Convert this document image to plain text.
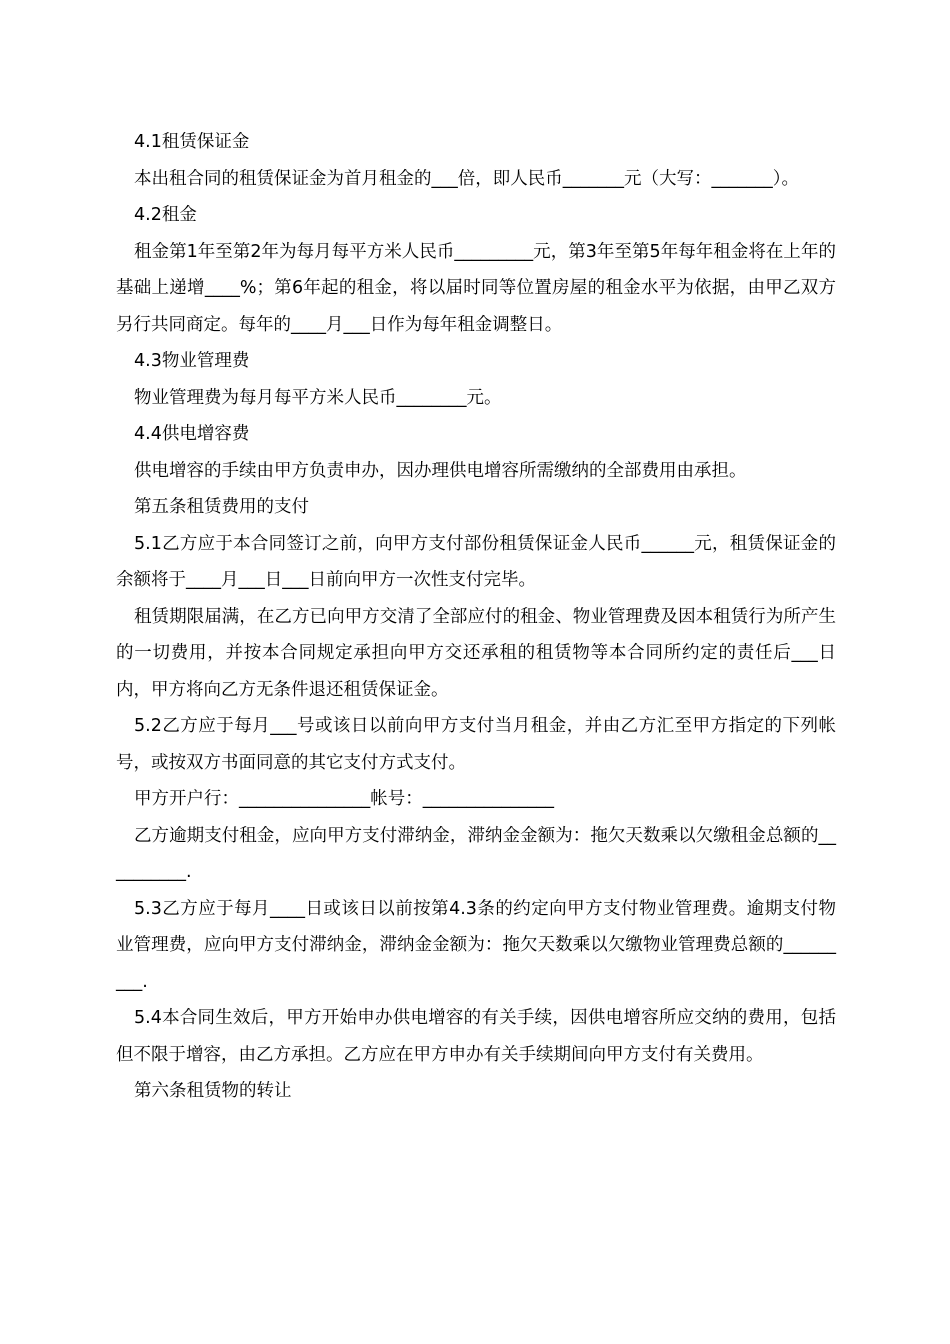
4.1租赁保证金

本出租合同的租赁保证金为首月租金的___倍，即人民币_______元（大写：_______）。

4.2租金

租金第1年至第2年为每月每平方米人民币_________元，第3年至第5年每年租金将在上年的基础上递增____%；第6年起的租金，将以届时同等位置房屋的租金水平为依据，由甲乙双方另行共同商定。每年的____月___日作为每年租金调整日。

4.3物业管理费

物业管理费为每月每平方米人民币________元。

4.4供电增容费

供电增容的手续由甲方负责申办，因办理供电增容所需缴纳的全部费用由承担。

第五条租赁费用的支付

5.1乙方应于本合同签订之前，向甲方支付部份租赁保证金人民币______元，租赁保证金的余额将于____月___日___日前向甲方一次性支付完毕。

租赁期限届满，在乙方已向甲方交清了全部应付的租金、物业管理费及因本租赁行为所产生的一切费用，并按本合同规定承担向甲方交还承租的租赁物等本合同所约定的责任后___日内，甲方将向乙方无条件退还租赁保证金。

5.2乙方应于每月___号或该日以前向甲方支付当月租金，并由乙方汇至甲方指定的下列帐号，或按双方书面同意的其它支付方式支付。

甲方开户行：_______________帐号：_______________

乙方逾期支付租金，应向甲方支付滞纳金，滞纳金金额为：拖欠天数乘以欠缴租金总额的__________.

5.3乙方应于每月____日或该日以前按第4.3条的约定向甲方支付物业管理费。逾期支付物业管理费，应向甲方支付滞纳金，滞纳金金额为：拖欠天数乘以欠缴物业管理费总额的_________.

5.4本合同生效后，甲方开始申办供电增容的有关手续，因供电增容所应交纳的费用，包括但不限于增容，由乙方承担。乙方应在甲方申办有关手续期间向甲方支付有关费用。

第六条租赁物的转让
